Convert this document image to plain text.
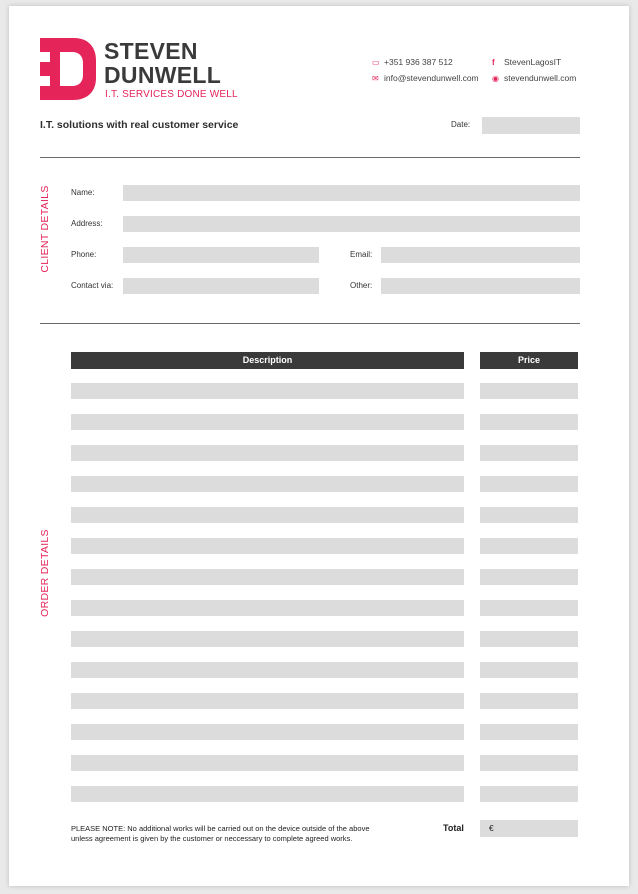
STEVEN
DUNWELL
I.T. SERVICES DONE WELL
▭ +351 936 387 512
✉ info@stevendunwell.com
f	StevenLagosIT
◉ stevendunwell.com
I.T. solutions with real customer service	Date:
CLIENT DETAILS	Name:
Address:
Phone:	Email:
Contact via:	Other:
ORDER DETAILS
Description	Price
PLEASE NOTE: No additional works will be carried out on the device outside of the above unless agreement is given by the customer or neccessary to complete agreed works.
Total	€
